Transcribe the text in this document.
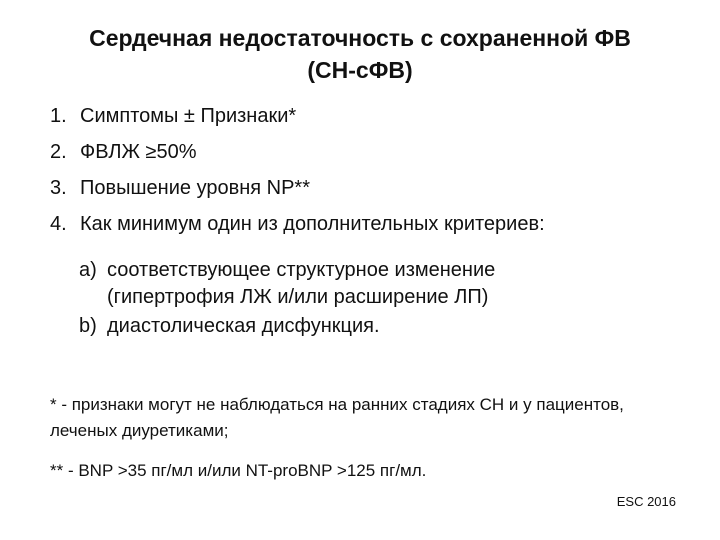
Сердечная недостаточность с сохраненной ФВ
(СН-сФВ)
1. Симптомы ± Признаки*
2. ФВЛЖ ≥50%
3. Повышение уровня NP**
4. Как минимум один из дополнительных критериев:
a) соответствующее структурное изменение
(гипертрофия ЛЖ и/или расширение ЛП)
b) диастолическая дисфункция.
* - признаки могут не наблюдаться на ранних стадиях СН и у пациентов, леченых диуретиками;
** - BNP >35 пг/мл и/или NT-proBNP >125 пг/мл.
ESC 2016
